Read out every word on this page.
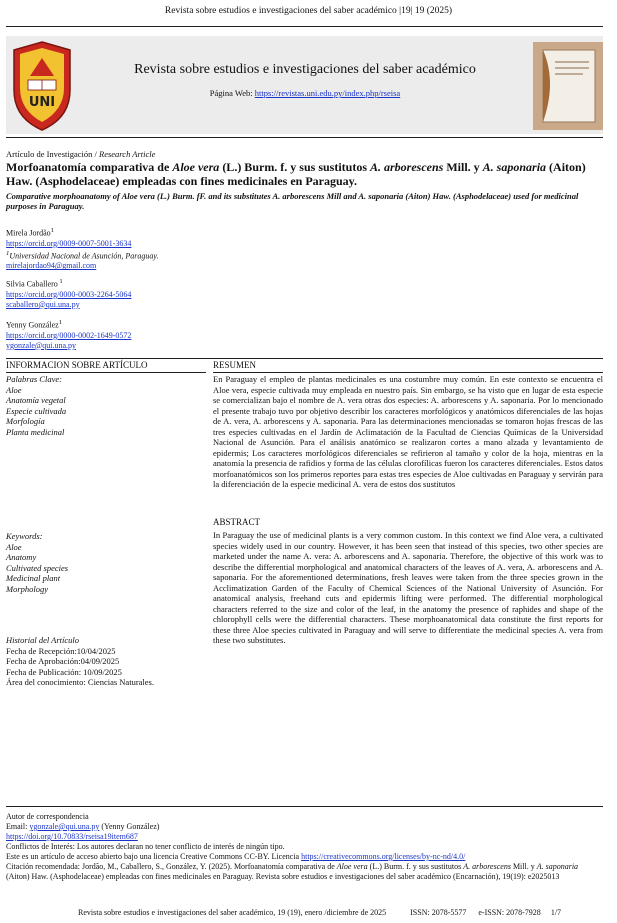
Revista sobre estudios e investigaciones del saber académico |19| 19 (2025)
UNI
Revista sobre estudios e investigaciones del saber académico
Página Web: https://revistas.uni.edu.py/index.php/rseisa
Artículo de Investigación / Research Article
Morfoanatomía comparativa de Aloe vera (L.) Burm. f. y sus sustitutos A. arborescens Mill. y A. saponaria (Aiton) Haw. (Asphodelaceae) empleadas con fines medicinales en Paraguay.
Comparative morphoanatomy of Aloe vera (L.) Burm. fF. and its substitutes A. arborescens Mill and A. saponaria (Aiton) Haw. (Asphodelaceae) used for medicinal purposes in Paraguay.
Mirela Jordão$^1$
https://orcid.org/0009-0007-5001-3634
$^1$Universidad Nacional de Asunción, Paraguay.
mirelajordao94@gmail.com
Silvia Caballero $^1$
https://orcid.org/0000-0003-2264-5064
scaballero@qui.una.py
Yenny González$^1$
https://orcid.org/0000-0002-1649-0572
ygonzale@qui.una.py
INFORMACION SOBRE ARTÍCULO
Palabras Clave:
Aloe
Anatomía vegetal
Especie cultivada
Morfología
Planta medicinal
Keywords:
Aloe
Anatomy
Cultivated species
Medicinal plant
Morphology
Historial del Artículo
Fecha de Recepción:10/04/2025
Fecha de Aprobación:04/09/2025
Fecha de Publicación: 10/09/2025
Área del conocimiento: Ciencias Naturales.
RESUMEN
En Paraguay el empleo de plantas medicinales es una costumbre muy común. En este contexto se encuentra el Aloe vera, especie cultivada muy empleada en nuestro país. Sin embargo, se ha visto que en lugar de esta especie se comercializan bajo el nombre de A. vera otras dos especies: A. arborescens y A. saponaria. Por lo mencionado el presente trabajo tuvo por objetivo describir los caracteres morfológicos y anatómicos diferenciales de las hojas de A. vera, A. arborescens y A. saponaria. Para las determinaciones mencionadas se tomaron hojas frescas de las tres especies cultivadas en el Jardín de Aclimatación de la Facultad de Ciencias Químicas de la Universidad Nacional de Asunción. Para el análisis anatómico se realizaron cortes a mano alzada y levantamiento de epidermis; Los caracteres morfológicos diferenciales se refirieron al tamaño y color de la hoja, mientras en la anatomía la presencia de rafidios y forma de las células clorofílicas fueron los caracteres diferenciales. Estos datos morfoanatómicos son los primeros reportes para estas tres especies de Aloe cultivadas en Paraguay y servirán para la diferenciación de la especie medicinal A. vera de estos dos sustitutos
ABSTRACT
In Paraguay the use of medicinal plants is a very common custom. In this context we find Aloe vera, a cultivated species widely used in our country. However, it has been seen that instead of this species, two other species are marketed under the name A. vera: A. arborescens and A. saponaria. Therefore, the objective of this work was to describe the differential morphological and anatomical characters of the leaves of A. vera, A. arborescens and A. saponaria. For the aforementioned determinations, fresh leaves were taken from the three species grown in the Acclimatization Garden of the Faculty of Chemical Sciences of the National University of Asunción. For anatomical analysis, freehand cuts and epidermis lifting were performed. The differential morphological characters referred to the size and color of the leaf, in the anatomy the presence of raphides and shape of the chlorophyll cells were the differential characters. These morphoanatomical data constitute the first reports for these three Aloe species cultivated in Paraguay and will serve to differentiate the medicinal species A. vera from these two substitutes.
Autor de correspondencia
Email: ygonzale@qui.una.py (Yenny González)
https://doi.org/10.70833/rseisa19item687
Conflictos de Interés: Los autores declaran no tener conflicto de interés de ningún tipo.
Este es un artículo de acceso abierto bajo una licencia Creative Commons CC-BY. Licencia https://creativecommons.org/licenses/by-nc-nd/4.0/
Citación recomendada: Jordão, M., Caballero, S., González, Y. (2025). Morfoanatomía comparativa de Aloe vera (L.) Burm. f. y sus sustitutos A. arborescens Mill. y A. saponaria (Aiton) Haw. (Asphodelaceae) empleadas con fines medicinales en Paraguay. Revista sobre estudios e investigaciones del saber académico (Encarnación), 19(19): e2025013
Revista sobre estudios e investigaciones del saber académico, 19 (19), enero /diciembre de 2025	ISSN: 2078-5577 e-ISSN: 2078-7928 1/7
